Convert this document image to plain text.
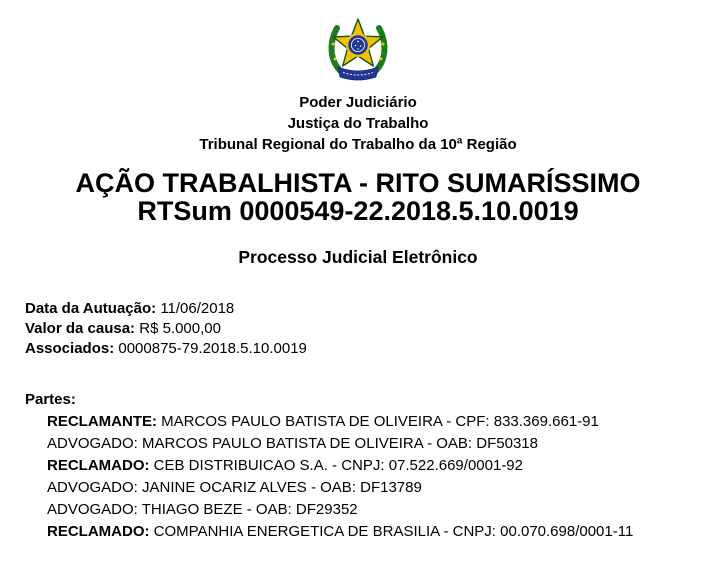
Poder Judiciário
Justiça do Trabalho
Tribunal Regional do Trabalho da 10ª Região
AÇÃO TRABALHISTA - RITO SUMARÍSSIMO
RTSum 0000549-22.2018.5.10.0019
Processo Judicial Eletrônico
Data da Autuação: 11/06/2018
Valor da causa: R$ 5.000,00
Associados: 0000875-79.2018.5.10.0019
Partes:
RECLAMANTE: MARCOS PAULO BATISTA DE OLIVEIRA - CPF: 833.369.661-91
ADVOGADO: MARCOS PAULO BATISTA DE OLIVEIRA - OAB: DF50318
RECLAMADO: CEB DISTRIBUICAO S.A. - CNPJ: 07.522.669/0001-92
ADVOGADO: JANINE OCARIZ ALVES - OAB: DF13789
ADVOGADO: THIAGO BEZE - OAB: DF29352
RECLAMADO: COMPANHIA ENERGETICA DE BRASILIA - CNPJ: 00.070.698/0001-11
